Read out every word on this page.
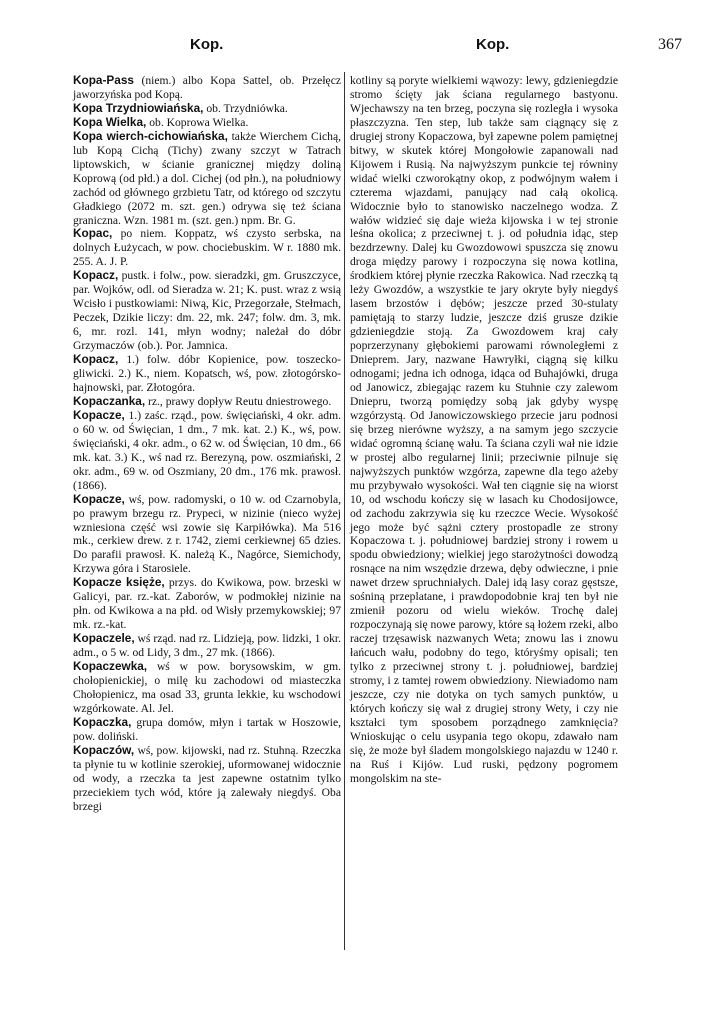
Kop.	Kop.	367

Kopa-Pass (niem.) albo Kopa Sattel, ob. Przełęcz jaworzyńska pod Kopą.

Kopa Trzydniowiańska, ob. Trzydniówka.

Kopa Wielka, ob. Koprowa Wielka.

Kopa wierch-cichowiańska, także Wierchem Cichą, lub Kopą Cichą (Tichy) zwany szczyt w Tatrach liptowskich, w ścianie granicznej między doliną Koprową (od płd.) a dol. Cichej (od płn.), na południowy zachód od głównego grzbietu Tatr, od którego od szczytu Gładkiego (2072 m. szt. gen.) odrywa się też ściana graniczna. Wzn. 1981 m. (szt. gen.) npm. Br. G.

Kopac, po niem. Koppatz, wś czysto serbska, na dolnych Łużycach, w pow. chociebuskim. W r. 1880 mk. 255. A. J. P.

Kopacz, pustk. i folw., pow. sieradzki, gm. Gruszczyce, par. Wojków, odl. od Sieradza w. 21; K. pust. wraz z wsią Wcisło i pustkowiami: Niwą, Kic, Przegorzałe, Stełmach, Peczek, Dzikie liczy: dm. 22, mk. 247; folw. dm. 3, mk. 6, mr. rozl. 141, młyn wodny; należał do dóbr Grzymaczów (ob.). Por. Jamnica.

Kopacz, 1.) folw. dóbr Kopienice, pow. toszecko-gliwicki. 2.) K., niem. Kopatsch, wś, pow. złotogórsko-hajnowski, par. Złotogóra.

Kopaczanka, rz., prawy dopływ Reutu dniestrowego.

Kopacze, 1.) zaśc. rząd., pow. święciański, 4 okr. adm. o 60 w. od Święcian, 1 dm., 7 mk. kat. 2.) K., wś, pow. święciański, 4 okr. adm., o 62 w. od Święcian, 10 dm., 66 mk. kat. 3.) K., wś nad rz. Berezyną, pow. oszmiański, 2 okr. adm., 69 w. od Oszmiany, 20 dm., 176 mk. prawosł. (1866).

Kopacze, wś, pow. radomyski, o 10 w. od Czarnobyla, po prawym brzegu rz. Prypeci, w nizinie (nieco wyżej wzniesiona część wsi zowie się Karpiłówka). Ma 516 mk., cerkiew drew. z r. 1742, ziemi cerkiewnej 65 dzies. Do parafii prawosł. K. należą K., Nagórce, Siemichody, Krzywa góra i Starosiele.

Kopacze księże, przys. do Kwikowa, pow. brzeski w Galicyi, par. rz.-kat. Zaborów, w podmokłej nizinie na płn. od Kwikowa a na płd. od Wisły przemykowskiej; 97 mk. rz.-kat.

Kopaczele, wś rząd. nad rz. Lidzieją, pow. lidzki, 1 okr. adm., o 5 w. od Lidy, 3 dm., 27 mk. (1866).

Kopaczewka, wś w pow. borysowskim, w gm. chołopienickiej, o milę ku zachodowi od miasteczka Chołopienicz, ma osad 33, grunta lekkie, ku wschodowi wzgórkowate. Al. Jel.

Kopaczka, grupa domów, młyn i tartak w Hoszowie, pow. doliński.

Kopaczów, wś, pow. kijowski, nad rz. Stuhną. Rzeczka ta płynie tu w kotlinie szerokiej, uformowanej widocznie od wody, a rzeczka ta jest zapewne ostatnim tylko przeciekiem tych wód, które ją zalewały niegdyś. Oba brzegi

kotliny są poryte wielkiemi wąwozy: lewy, gdzieniegdzie stromo ścięty jak ściana regularnego bastyonu. Wjechawszy na ten brzeg, poczyna się rozległa i wysoka płaszczyzna. Ten step, lub także sam ciągnący się z drugiej strony Kopaczowa, był zapewne polem pamiętnej bitwy, w skutek której Mongołowie zapanowali nad Kijowem i Rusią. Na najwyższym punkcie tej równiny widać wielki czworokątny okop, z podwójnym wałem i czterema wjazdami, panujący nad całą okolicą. Widocznie było to stanowisko naczelnego wodza. Z wałów widzieć się daje wieża kijowska i w tej stronie leśna okolica; z przeciwnej t. j. od południa idąc, step bezdrzewny. Dalej ku Gwozdowowi spuszcza się znowu droga między parowy i rozpoczyna się nowa kotlina, środkiem której płynie rzeczka Rakowica. Nad rzeczką tą leży Gwozdów, a wszystkie te jary okryte były niegdyś lasem brzostów i dębów; jeszcze przed 30-stulaty pamiętają to starzy ludzie, jeszcze dziś grusze dzikie gdzieniegdzie stoją. Za Gwozdowem kraj cały poprzerzynany głębokiemi parowami równoległemi z Dnieprem. Jary, nazwane Hawryłki, ciągną się kilku odnogami; jedna ich odnoga, idąca od Buhajówki, druga od Janowicz, zbiegając razem ku Stuhnie czy zalewom Dniepru, tworzą pomiędzy sobą jak gdyby wyspę wzgórzystą. Od Janowiczowskiego przecie jaru podnosi się brzeg nierówne wyższy, a na samym jego szczycie widać ogromną ścianę wału. Ta ściana czyli wał nie idzie w prostej albo regularnej linii; przeciwnie pilnuje się najwyższych punktów wzgórza, zapewne dla tego ażeby mu przybywało wysokości. Wał ten ciągnie się na wiorst 10, od wschodu kończy się w lasach ku Chodosijowce, od zachodu zakrzywia się ku rzeczce Wecie. Wysokość jego może być sążni cztery prostopadle ze strony Kopaczowa t. j. południowej bardziej strony i rowem u spodu obwiedziony; wielkiej jego starożytności dowodzą rosnące na nim wszędzie drzewa, dęby odwieczne, i pnie nawet drzew spruchniałych. Dalej idą lasy coraz gęstsze, sośniną przeplatane, i prawdopodobnie kraj ten był nie zmienił pozoru od wielu wieków. Trochę dalej rozpoczynają się nowe parowy, które są łożem rzeki, albo raczej trzęsawisk nazwanych Weta; znowu las i znowu łańcuch wału, podobny do tego, któryśmy opisali; ten tylko z przeciwnej strony t. j. południowej, bardziej stromy, i z tamtej rowem obwiedziony. Niewiadomo nam jeszcze, czy nie dotyka on tych samych punktów, u których kończy się wał z drugiej strony Wety, i czy nie kształci tym sposobem porządnego zamknięcia? Wnioskując o celu usypania tego okopu, zdawało nam się, że może był śladem mongolskiego najazdu w 1240 r. na Ruś i Kijów. Lud ruski, pędzony pogromem mongolskim na ste-
